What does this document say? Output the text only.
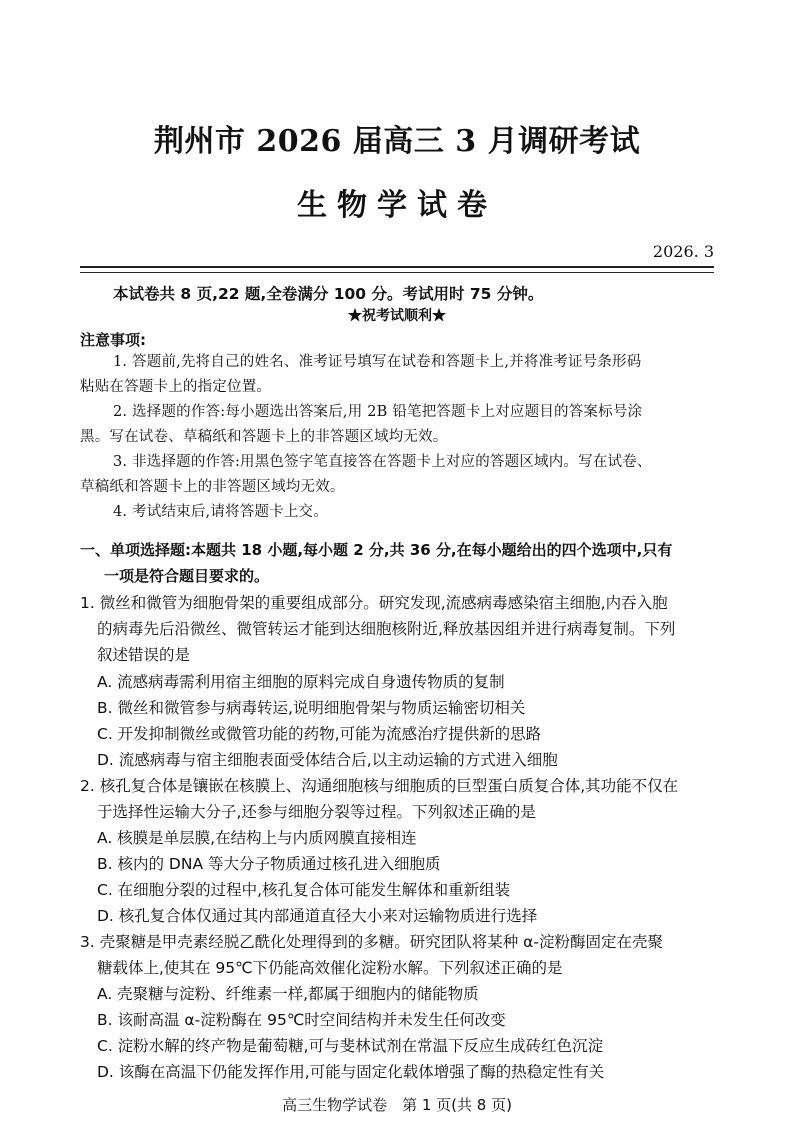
荆州市 2026 届高三 3 月调研考试
生物学试卷
2026. 3
本试卷共 8 页,22 题,全卷满分 100 分。考试用时 75 分钟。
★祝考试顺利★
注意事项:
1. 答题前,先将自己的姓名、准考证号填写在试卷和答题卡上,并将准考证号条形码
粘贴在答题卡上的指定位置。
2. 选择题的作答:每小题选出答案后,用 2B 铅笔把答题卡上对应题目的答案标号涂
黑。写在试卷、草稿纸和答题卡上的非答题区域均无效。
3. 非选择题的作答:用黑色签字笔直接答在答题卡上对应的答题区域内。写在试卷、
草稿纸和答题卡上的非答题区域均无效。
4. 考试结束后,请将答题卡上交。
一、单项选择题:本题共 18 小题,每小题 2 分,共 36 分,在每小题给出的四个选项中,只有
一项是符合题目要求的。
1. 微丝和微管为细胞骨架的重要组成部分。研究发现,流感病毒感染宿主细胞,内吞入胞
的病毒先后沿微丝、微管转运才能到达细胞核附近,释放基因组并进行病毒复制。下列
叙述错误的是
A. 流感病毒需利用宿主细胞的原料完成自身遗传物质的复制
B. 微丝和微管参与病毒转运,说明细胞骨架与物质运输密切相关
C. 开发抑制微丝或微管功能的药物,可能为流感治疗提供新的思路
D. 流感病毒与宿主细胞表面受体结合后,以主动运输的方式进入细胞
2. 核孔复合体是镶嵌在核膜上、沟通细胞核与细胞质的巨型蛋白质复合体,其功能不仅在
于选择性运输大分子,还参与细胞分裂等过程。下列叙述正确的是
A. 核膜是单层膜,在结构上与内质网膜直接相连
B. 核内的 DNA 等大分子物质通过核孔进入细胞质
C. 在细胞分裂的过程中,核孔复合体可能发生解体和重新组装
D. 核孔复合体仅通过其内部通道直径大小来对运输物质进行选择
3. 壳聚糖是甲壳素经脱乙酰化处理得到的多糖。研究团队将某种 α-淀粉酶固定在壳聚
糖载体上,使其在 95℃下仍能高效催化淀粉水解。下列叙述正确的是
A. 壳聚糖与淀粉、纤维素一样,都属于细胞内的储能物质
B. 该耐高温 α-淀粉酶在 95℃时空间结构并未发生任何改变
C. 淀粉水解的终产物是葡萄糖,可与斐林试剂在常温下反应生成砖红色沉淀
D. 该酶在高温下仍能发挥作用,可能与固定化载体增强了酶的热稳定性有关
高三生物学试卷　第 1 页(共 8 页)
